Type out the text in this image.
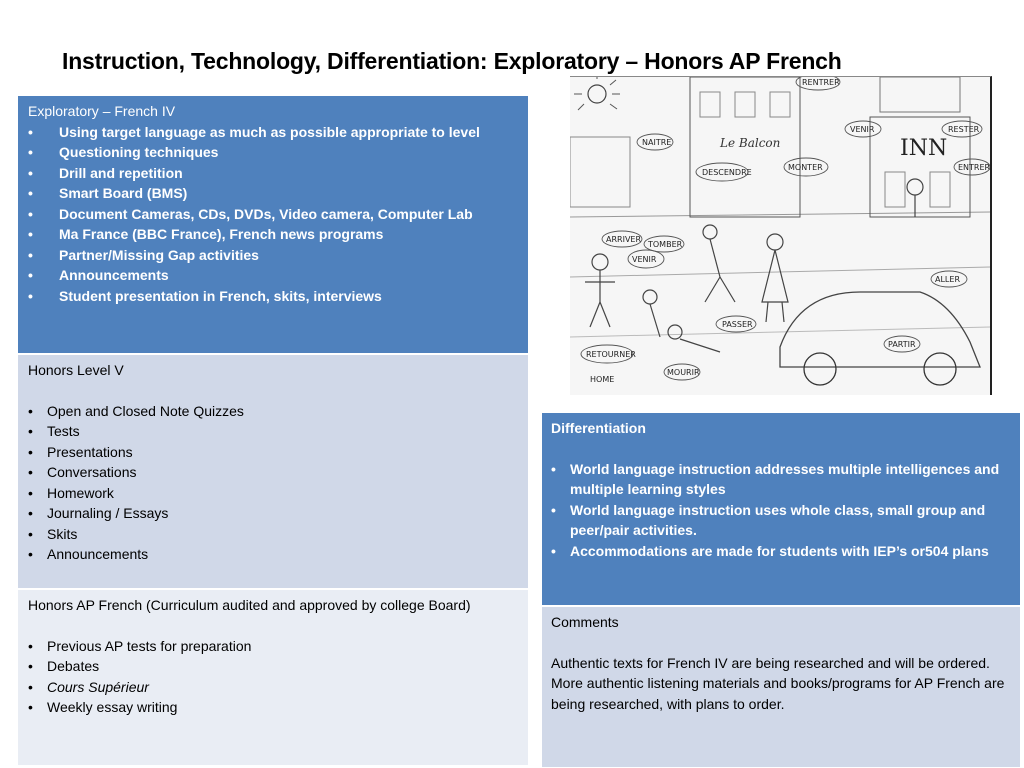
Instruction, Technology, Differentiation: Exploratory – Honors AP French
Exploratory – French IV
• Using target language as much as possible appropriate to level
• Questioning techniques
• Drill and repetition
• Smart Board (BMS)
• Document Cameras, CDs, DVDs, Video camera, Computer Lab
• Ma France (BBC France), French news programs
• Partner/Missing Gap activities
• Announcements
• Student presentation in French, skits, interviews
Honors Level V
• Open and Closed Note Quizzes
• Tests
• Presentations
• Conversations
• Homework
• Journaling / Essays
• Skits
• Announcements
Honors AP French (Curriculum audited and approved by college Board)
• Previous AP tests for preparation
• Debates
• Cours Supérieur
• Weekly essay writing
Le Balcon	INN
RENTRER
VENIR	RESTER
NAITRE
DESCENDRE
MONTER	ENTRER
ARRIVER
TOMBER
VENIR
ALLER
PASSER
PARTIR
RETOURNER
MOURIR
HOME
Differentiation
• World language instruction addresses multiple intelligences and multiple learning styles
• World language instruction uses whole class, small group and peer/pair activities.
• Accommodations are made for students with IEP’s or504 plans
Comments
Authentic texts for French IV are being researched and will be ordered. More authentic listening materials and books/programs for AP French are being researched, with plans to order.
